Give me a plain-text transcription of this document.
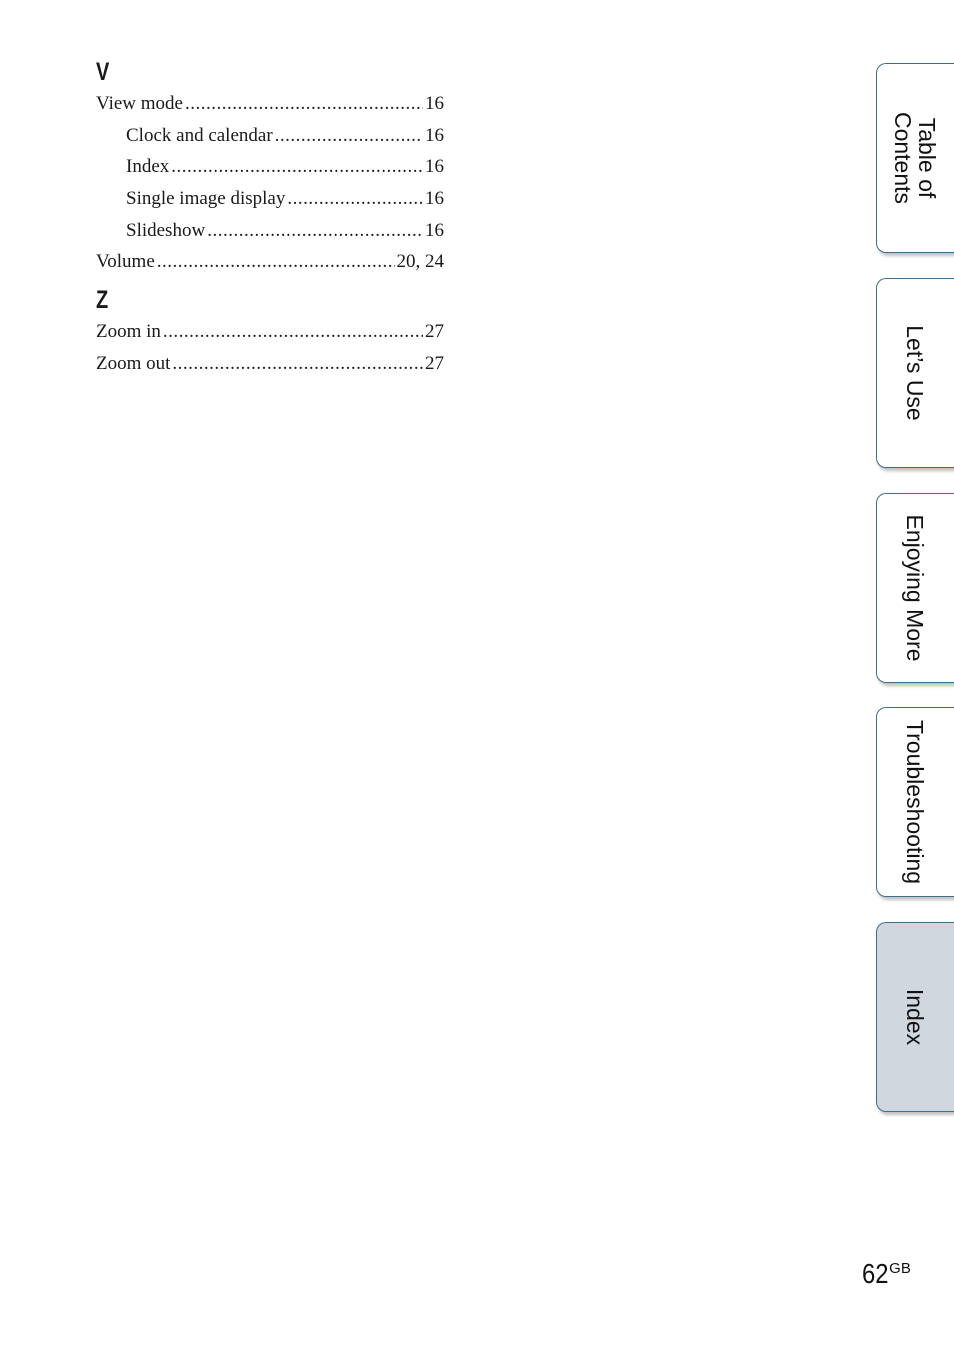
V
View mode .....	16
Clock and calendar .....	16
Index .....	16
Single image display .....	16
Slideshow .....	16
Volume .....	20, 24
Z
Zoom in .....	27
Zoom out .....	27
Table of
Contents
Let’s Use
Enjoying More
Troubleshooting
Index
62GB
